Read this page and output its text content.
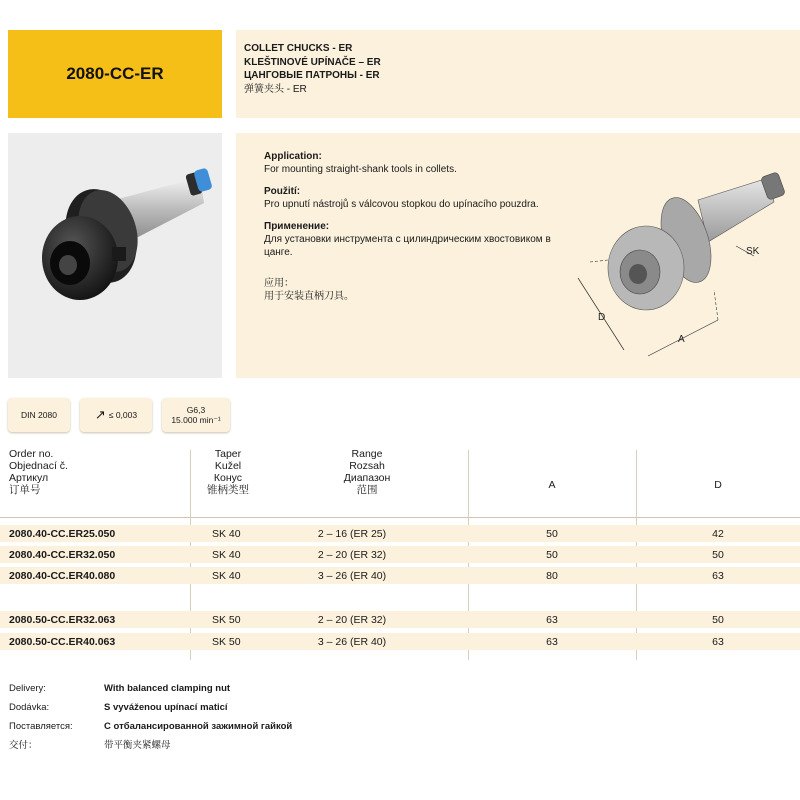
2080-CC-ER
COLLET CHUCKS - ER
KLEŠTINOVÉ UPÍNAČE – ER
ЦАНГОВЫЕ ПАТРОНЫ - ER
弹簧夹头 - ER
Application:
For mounting straight-shank tools in collets.
Použití:
Pro upnutí nástrojů s válcovou stopkou do upínacího pouzdra.
Применение:
Для установки инструмента с цилиндрическим хвостовиком в цанге.
应用：
用于安装直柄刀具。
D
A
SK
DIN 2080	↗ ≤ 0,003	G6,3
15.000 min⁻¹
Order no.
Objednací č.
Артикул
订单号
Taper
Kužel
Конус
锥柄类型
Range
Rozsah
Диапазон
范围	A	D
2080.40-CC.ER25.050	SK 40	2 – 16 (ER 25)	50	42
2080.40-CC.ER32.050	SK 40	2 – 20 (ER 32)	50	50
2080.40-CC.ER40.080	SK 40	3 – 26 (ER 40)	80	63
2080.50-CC.ER32.063	SK 50	2 – 20 (ER 32)	63	50
2080.50-CC.ER40.063	SK 50	3 – 26 (ER 40)	63	63
Delivery:	With balanced clamping nut
Dodávka:	S vyváženou upínací maticí
Поставляется:	С отбалансированной зажимной гайкой
交付：	带平衡夹紧螺母
